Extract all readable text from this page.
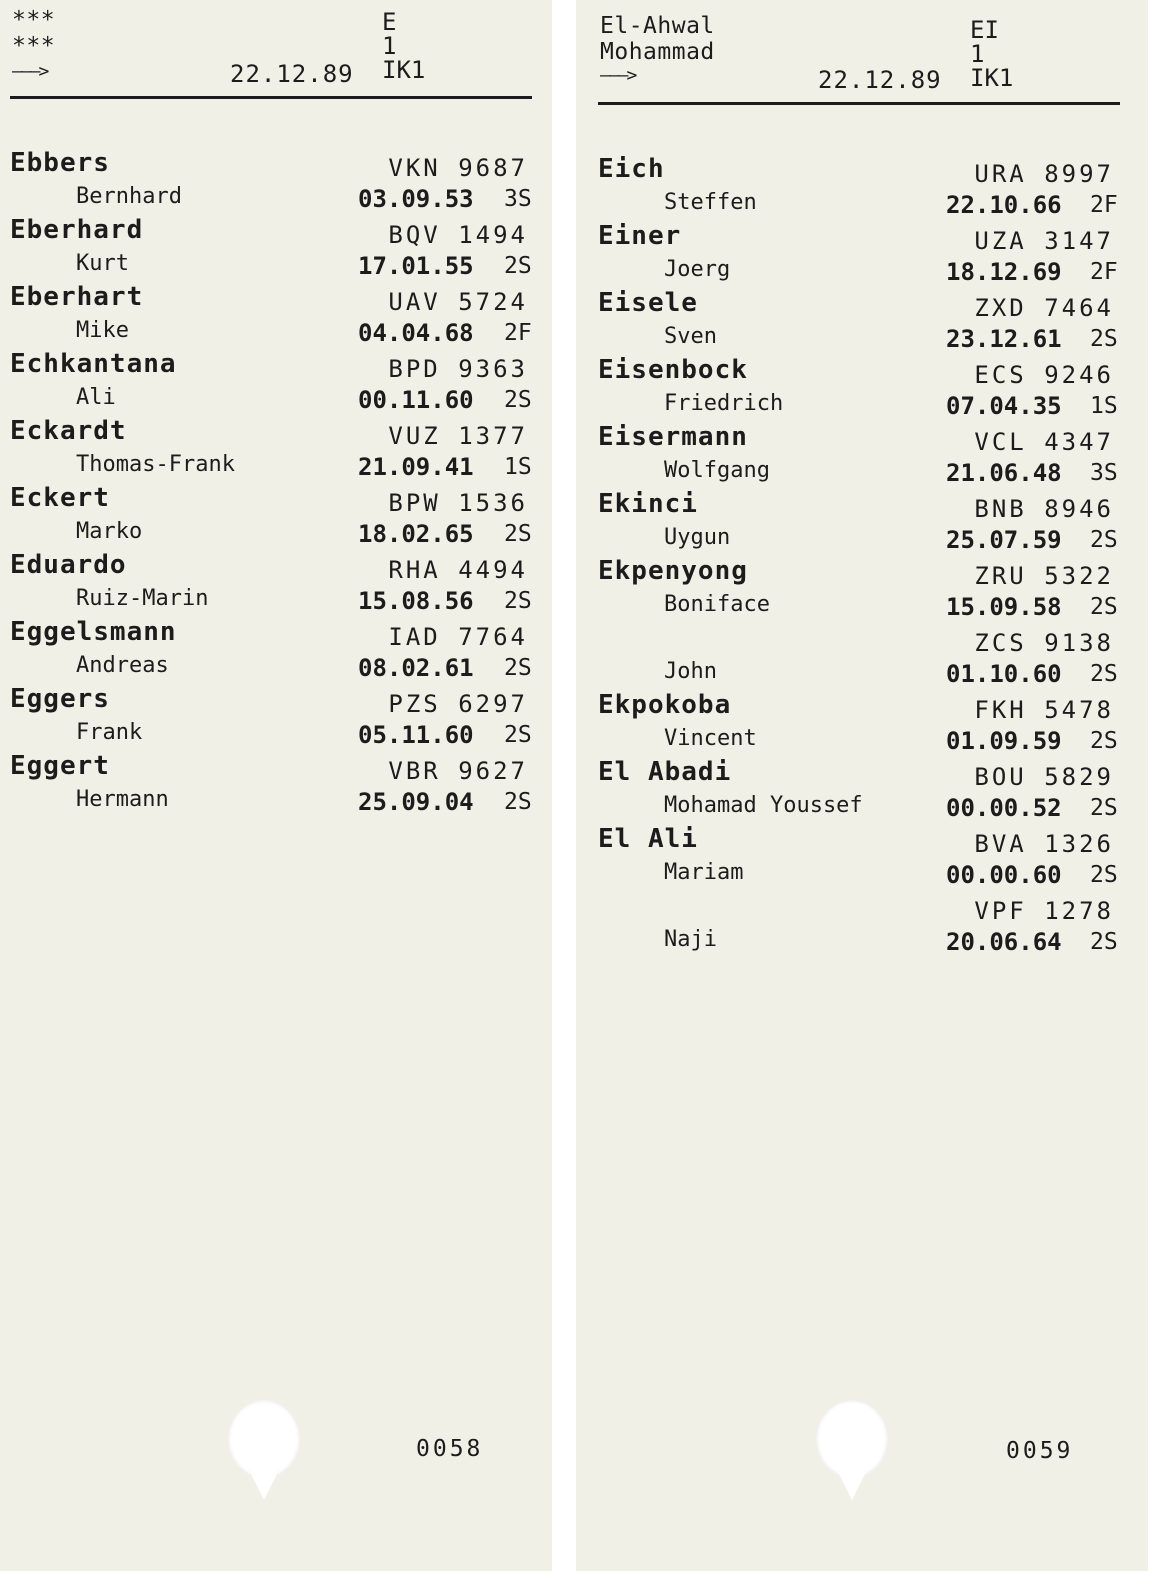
***
***
———>	22.12.89
E
1
IK1
Ebbers	VKN 9687
Bernhard	03.09.53 3S
Eberhard	BQV 1494
Kurt	17.01.55 2S
Eberhart	UAV 5724
Mike	04.04.68 2F
Echkantana	BPD 9363
Ali	00.11.60 2S
Eckardt	VUZ 1377
Thomas-Frank	21.09.41 1S
Eckert	BPW 1536
Marko	18.02.65 2S
Eduardo	RHA 4494
Ruiz-Marin	15.08.56 2S
Eggelsmann	IAD 7764
Andreas	08.02.61 2S
Eggers	PZS 6297
Frank	05.11.60 2S
Eggert	VBR 9627
Hermann	25.09.04 2S
0058
El-Ahwal
Mohammad
———>	22.12.89
EI
1
IK1
Eich	URA 8997
Steffen	22.10.66 2F
Einer	UZA 3147
Joerg	18.12.69 2F
Eisele	ZXD 7464
Sven	23.12.61 2S
Eisenbock	ECS 9246
Friedrich	07.04.35 1S
Eisermann	VCL 4347
Wolfgang	21.06.48 3S
Ekinci	BNB 8946
Uygun	25.07.59 2S
Ekpenyong	ZRU 5322
Boniface	15.09.58 2S
ZCS 9138
John	01.10.60 2S
Ekpokoba	FKH 5478
Vincent	01.09.59 2S
El Abadi	BOU 5829
Mohamad Youssef	00.00.52 2S
El Ali	BVA 1326
Mariam	00.00.60 2S
VPF 1278
Naji	20.06.64 2S
0059
